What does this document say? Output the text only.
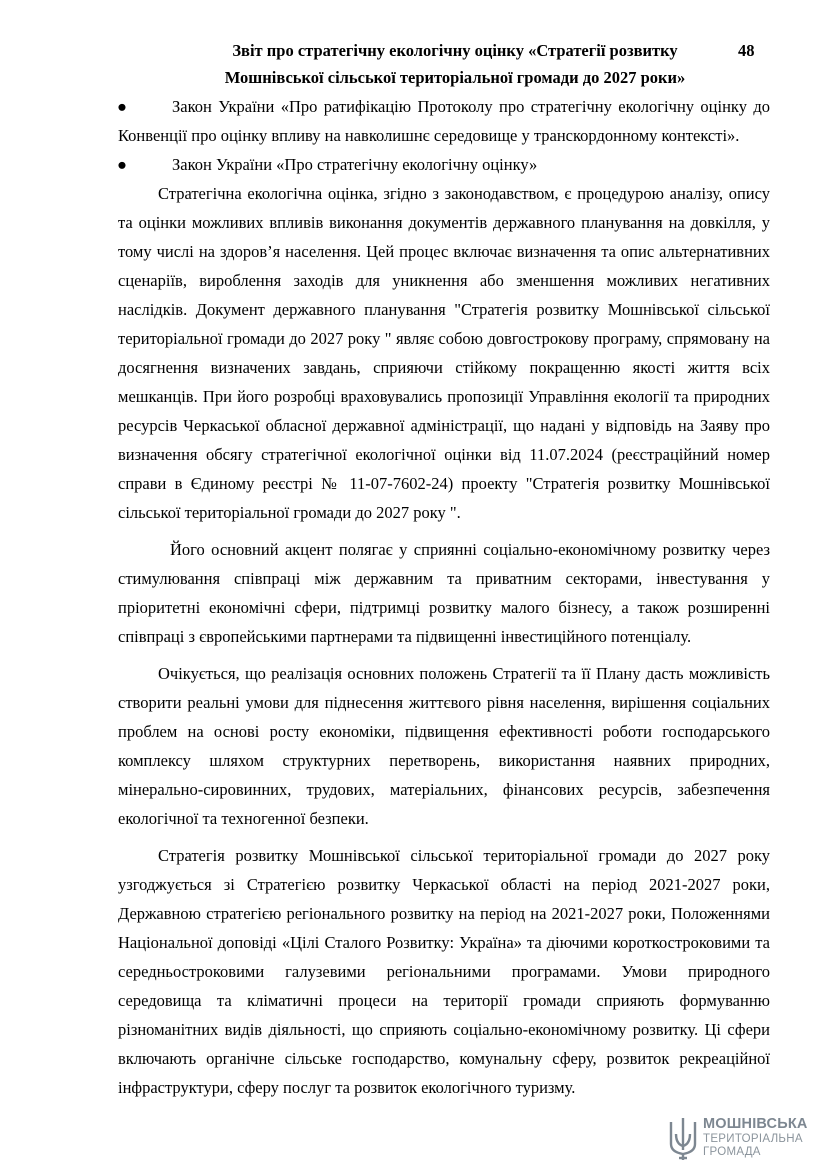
Звіт про стратегічну екологічну оцінку «Стратегії розвитку
Мошнівської сільської територіальної громади до 2027 роки»
48
●	Закон України «Про ратифікацію Протоколу про стратегічну екологічну оцінку до Конвенції про оцінку впливу на навколишнє середовище у транскордонному контексті».

●	Закон України «Про стратегічну екологічну оцінку»

Стратегічна екологічна оцінка, згідно з законодавством, є процедурою аналізу, опису та оцінки можливих впливів виконання документів державного планування на довкілля, у тому числі на здоров’я населення. Цей процес включає визначення та опис альтернативних сценаріїв, вироблення заходів для уникнення або зменшення можливих негативних наслідків. Документ державного планування "Стратегія розвитку Мошнівської сільської територіальної громади до 2027 року " являє собою довгострокову програму, спрямовану на досягнення визначених завдань, сприяючи стійкому покращенню якості життя всіх мешканців. При його розробці враховувались пропозиції Управління екології та природних ресурсів Черкаської обласної державної адміністрації, що надані у відповідь на Заяву про визначення обсягу стратегічної екологічної оцінки від 11.07.2024 (реєстраційний номер справи в Єдиному реєстрі № 11-07-7602-24) проекту "Стратегія розвитку Мошнівської сільської територіальної громади до 2027 року ".

Його основний акцент полягає у сприянні соціально-економічному розвитку через стимулювання співпраці між державним та приватним секторами, інвестування у пріоритетні економічні сфери, підтримці розвитку малого бізнесу, а також розширенні співпраці з європейськими партнерами та підвищенні інвестиційного потенціалу.

Очікується, що реалізація основних положень Стратегії та її Плану дасть можливість створити реальні умови для піднесення життєвого рівня населення, вирішення соціальних проблем на основі росту економіки, підвищення ефективності роботи господарського комплексу шляхом структурних перетворень, використання наявних природних, мінерально-сировинних, трудових, матеріальних, фінансових ресурсів, забезпечення екологічної та техногенної безпеки.

Стратегія розвитку Мошнівської сільської територіальної громади до 2027 року узгоджується зі Стратегією розвитку Черкаської області на період 2021-2027 роки, Державною стратегією регіонального розвитку на період на 2021-2027 роки, Положеннями Національної доповіді «Цілі Сталого Розвитку: Україна» та діючими короткостроковими та середньостроковими галузевими регіональними програмами. Умови природного середовища та кліматичні процеси на території громади сприяють формуванню різноманітних видів діяльності, що сприяють соціально-економічному розвитку. Ці сфери включають органічне сільське господарство, комунальну сферу, розвиток рекреаційної інфраструктури, сферу послуг та розвиток екологічного туризму.

МОШНІВСЬКА
ТЕРИТОРІАЛЬНА
ГРОМАДА
